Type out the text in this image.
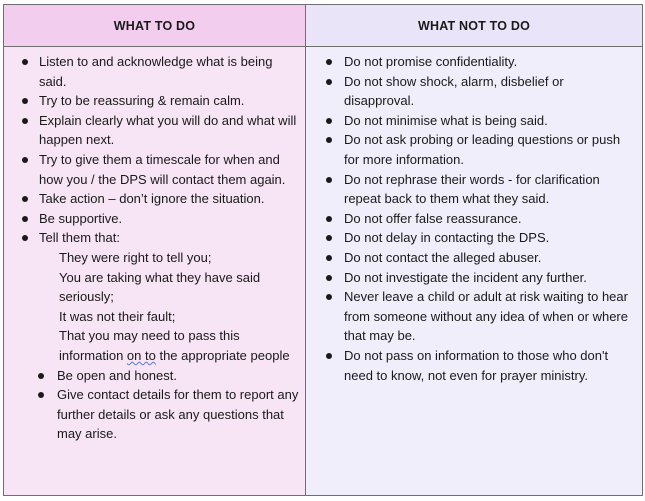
WHAT TO DO
Listen to and acknowledge what is being said.
Try to be reassuring & remain calm.
Explain clearly what you will do and what will happen next.
Try to give them a timescale for when and how you / the DPS will contact them again.
Take action – don’t ignore the situation.
Be supportive.
Tell them that:
They were right to tell you;
You are taking what they have said seriously;
It was not their fault;
That you may need to pass this information on to the appropriate people
Be open and honest.
Give contact details for them to report any further details or ask any questions that may arise.
WHAT NOT TO DO
Do not promise confidentiality.
Do not show shock, alarm, disbelief or disapproval.
Do not minimise what is being said.
Do not ask probing or leading questions or push for more information.
Do not rephrase their words - for clarification repeat back to them what they said.
Do not offer false reassurance.
Do not delay in contacting the DPS.
Do not contact the alleged abuser.
Do not investigate the incident any further.
Never leave a child or adult at risk waiting to hear from someone without any idea of when or where that may be.
Do not pass on information to those who don't need to know, not even for prayer ministry.
